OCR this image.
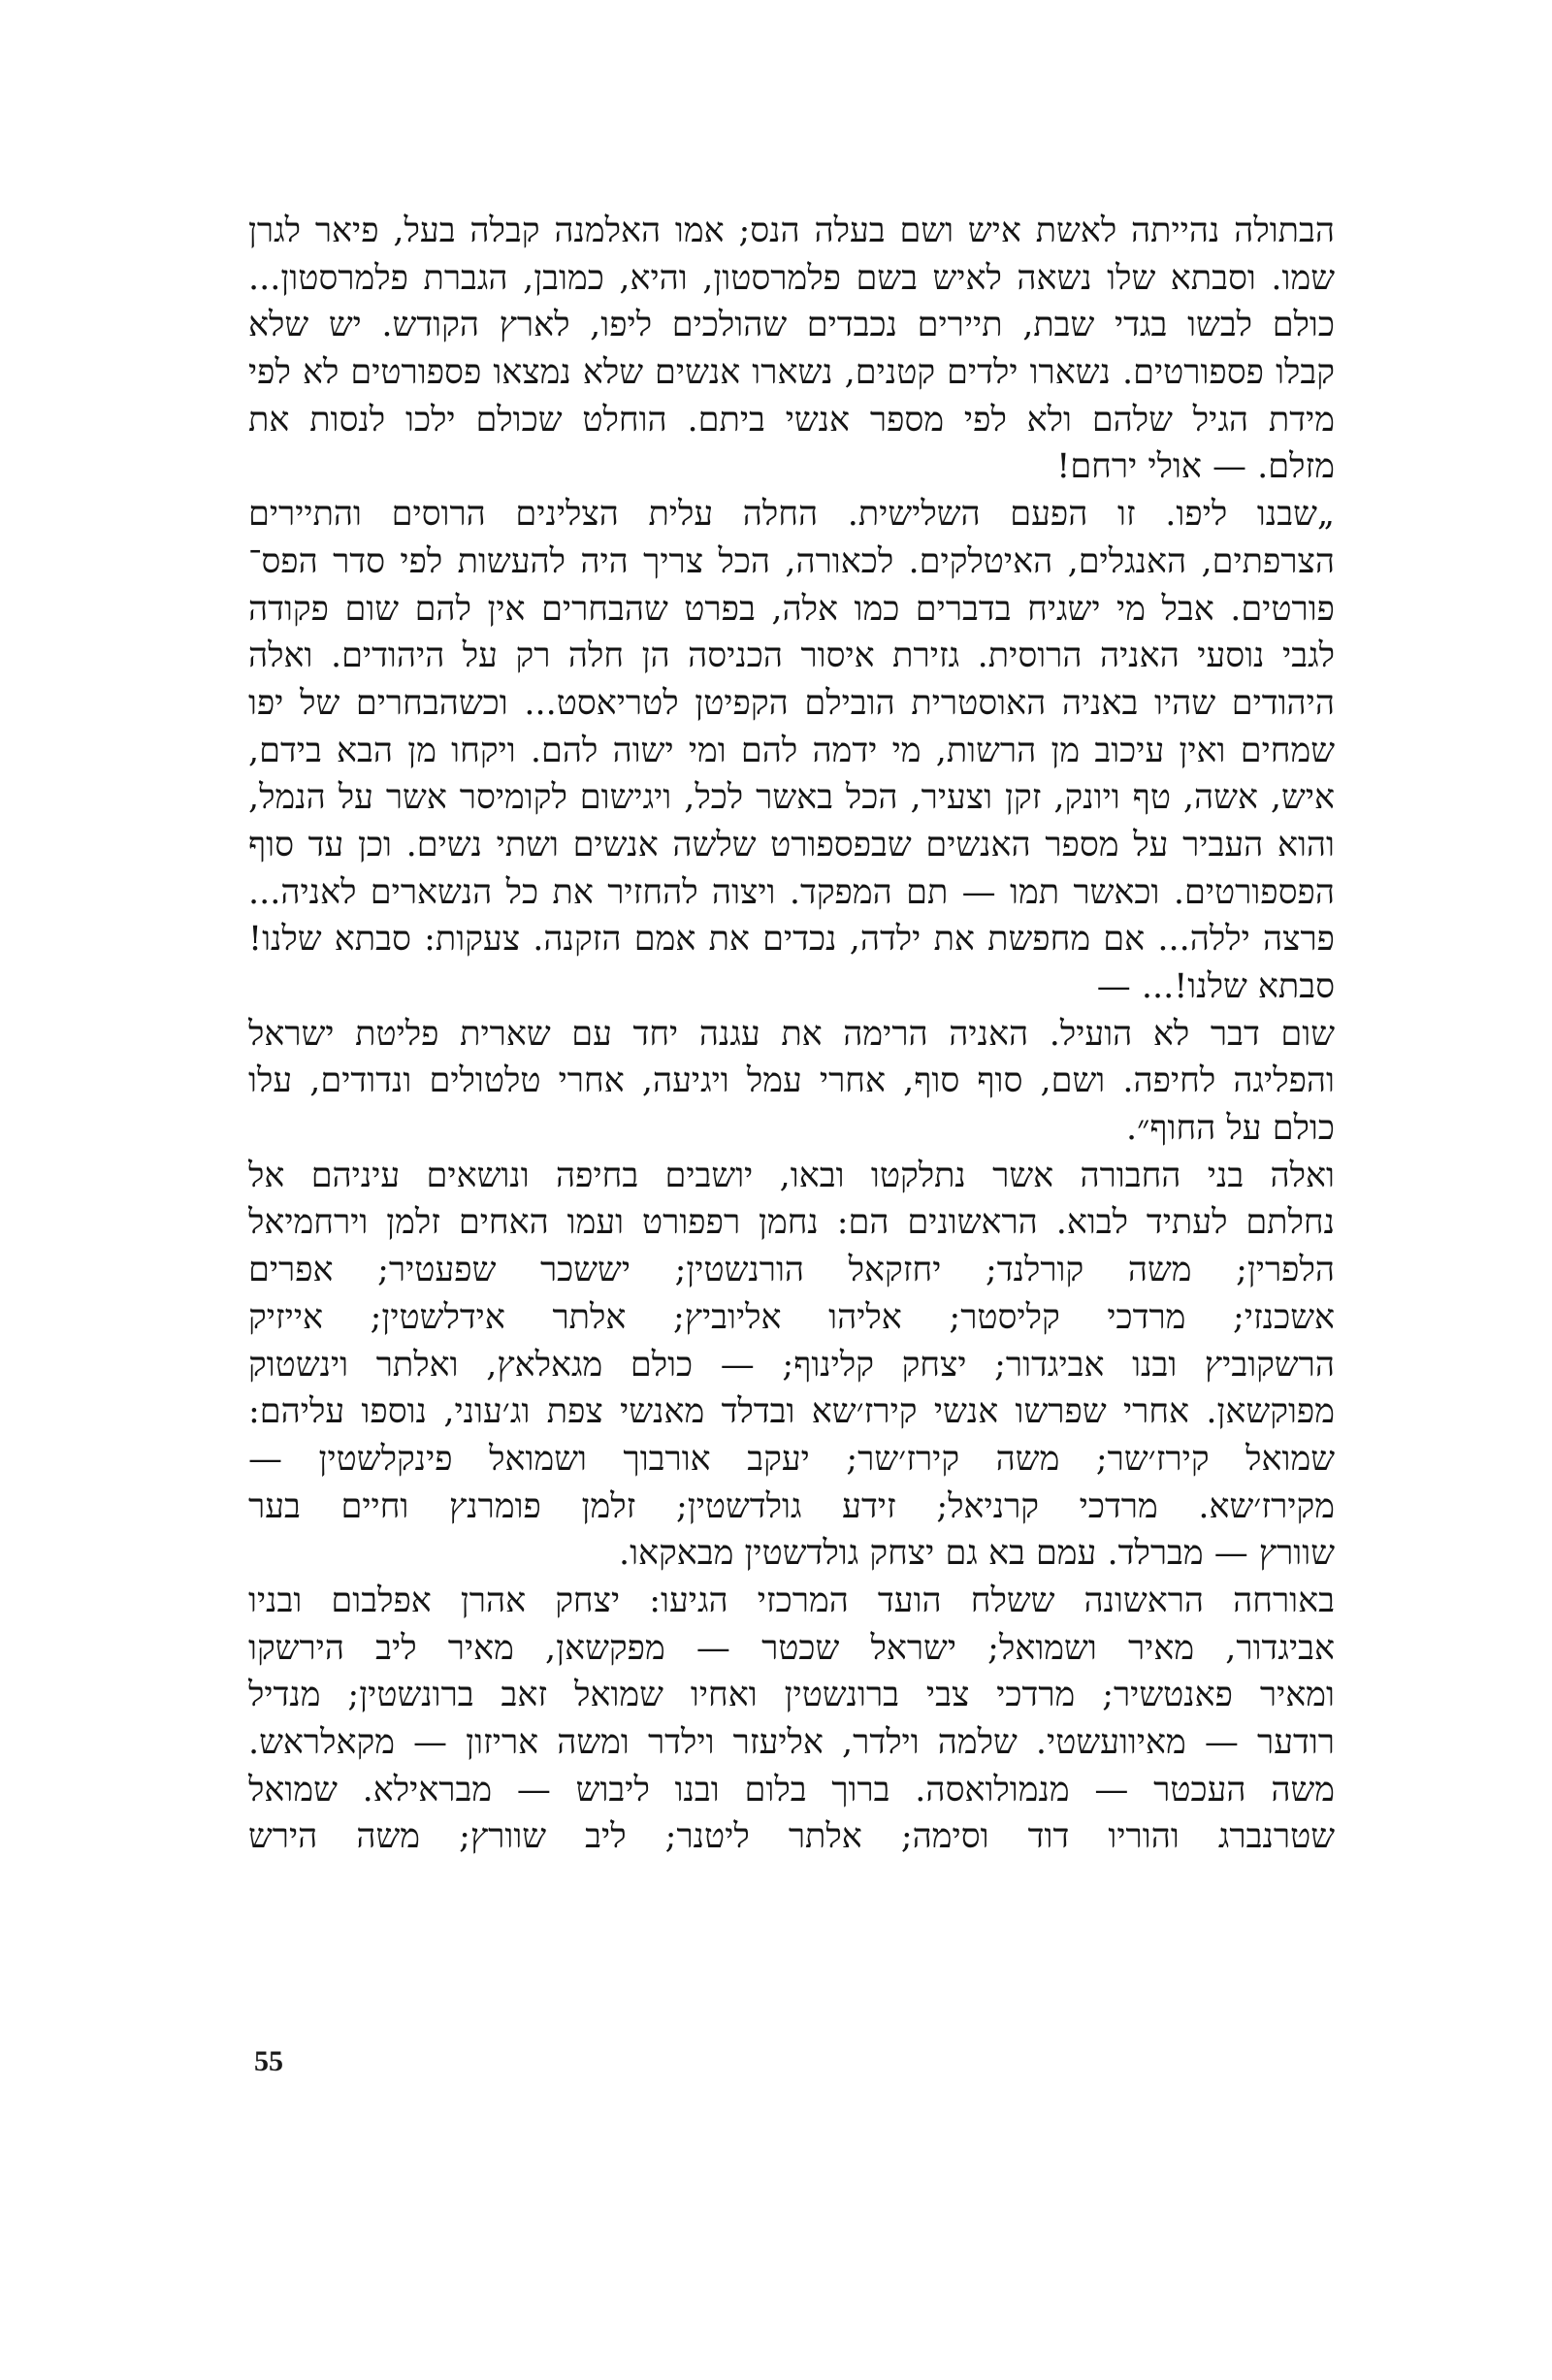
הבתולה נהייתה לאשת איש ושם בעלה הנס; אמו האלמנה קבלה בעל, פיאר לגרן
שמו. וסבתא שלו נשאה לאיש בשם פלמרסטון, והיא, כמובן, הגברת פלמרסטון...
כולם לבשו בגדי שבת, תיירים נכבדים שהולכים ליפו, לארץ הקודש. יש שלא
קבלו פספורטים. נשארו ילדים קטנים, נשארו אנשים שלא נמצאו פספורטים לא לפי
מידת הגיל שלהם ולא לפי מספר אנשי ביתם. הוחלט שכולם ילכו לנסות את
מזלם. — אולי ירחם!
„שבנו ליפו. זו הפעם השלישית. החלה עלית הצלינים הרוסים והתיירים
הצרפתים, האנגלים, האיטלקים. לכאורה, הכל צריך היה להעשות לפי סדר הפס־
פורטים. אבל מי ישגיח בדברים כמו אלה, בפרט שהבחרים אין להם שום פקודה
לגבי נוסעי האניה הרוסית. גזירת איסור הכניסה הן חלה רק על היהודים. ואלה
היהודים שהיו באניה האוסטרית הובילם הקפיטן לטריאסט... וכשהבחרים של יפו
שמחים ואין עיכוב מן הרשות, מי ידמה להם ומי ישוה להם. ויקחו מן הבא בידם,
איש, אשה, טף ויונק, זקן וצעיר, הכל באשר לכל, ויגישום לקומיסר אשר על הנמל,
והוא העביר על מספר האנשים שבפספורט שלשה אנשים ושתי נשים. וכן עד סוף
הפספורטים. וכאשר תמו — תם המפקד. ויצוה להחזיר את כל הנשארים לאניה...
פרצה יללה... אם מחפשת את ילדה, נכדים את אמם הזקנה. צעקות: סבתא שלנו!
סבתא שלנו!... —
שום דבר לא הועיל. האניה הרימה את עגנה יחד עם שארית פליטת ישראל
והפליגה לחיפה. ושם, סוף סוף, אחרי עמל ויגיעה, אחרי טלטולים ונדודים, עלו
כולם על החוף״.
ואלה בני החבורה אשר נתלקטו ובאו, יושבים בחיפה ונושאים עיניהם אל
נחלתם לעתיד לבוא. הראשונים הם: נחמן רפפורט ועמו האחים זלמן וירחמיאל
הלפרין; משה קורלנד; יחזקאל הורנשטין; יששכר שפעטיר; אפרים
אשכנזי; מרדכי קליסטר; אליהו אליוביץ; אלתר אידלשטין; אייזיק
הרשקוביץ ובנו אביגדור; יצחק קלינוף; — כולם מגאלאץ, ואלתר וינשטוק
מפוקשאן. אחרי שפרשו אנשי קירז׳שא ובדלד מאנשי צפת וג׳עוני, נוספו עליהם:
שמואל קירז׳שר; משה קירז׳שר; יעקב אורבוך ושמואל פינקלשטין —
מקירז׳שא. מרדכי קרניאל; זידע גולדשטין; זלמן פומרנץ וחיים בער
שוורץ — מברלד. עמם בא גם יצחק גולדשטין מבאקאו.
באורחה הראשונה ששלח הועד המרכזי הגיעו: יצחק אהרן אפלבום ובניו
אביגדור, מאיר ושמואל; ישראל שכטר — מפקשאן, מאיר ליב הירשקו
ומאיר פאנטשיר; מרדכי צבי ברונשטין ואחיו שמואל זאב ברונשטין; מנדיל
רודער — מאיוועשטי. שלמה וילדר, אליעזר וילדר ומשה אריזון — מקאלראש.
משה העכטר — מנמולואסה. ברוך בלום ובנו ליבוש — מבראילא. שמואל
שטרנברג והוריו דוד וסימה; אלתר ליטנר; ליב שוורץ; משה הירש
55
